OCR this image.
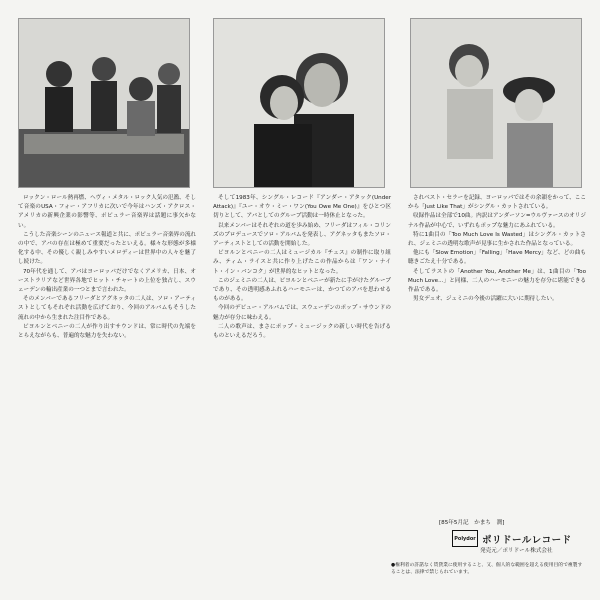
ロックン・ロール熱再燃、ヘヴィ・メタル・ロック人気の氾濫、そして音楽のUSA・フォー・アフリカに次いで今年はハンズ・アクロス・アメリカの新興企業の影響等、ポピュラー音楽界は話題に事欠かない。

こうした音楽シーンのニュース報道と共に、ポピュラー音楽界の流れの中で、アバの存在は極めて重要だったといえる。様々な形態が多様化する中、その優しく親しみやすいメロディーは世界中の人々を魅了し続けた。

70年代を通して、アバはヨーロッパだけでなくアメリカ、日本、オーストラリアなど世界各地でヒット・チャートの上位を独占し、スウェーデンの輸出産業の一つとまで言われた。

そのメンバーであるフリーダとアグネッタの二人は、ソロ・アーティストとしてもそれぞれ活動を広げており、今回のアルバムもそうした流れの中から生まれた注目作である。

ビヨルンとベニーの二人が作り出すサウンドは、常に時代の先端をとらえながらも、普遍的な魅力を失わない。

そして1983年、シングル・レコード『アンダー・アタック(Under Attack)』『ユー・オウ・ミー・ワン(You Owe Me One)』をひとつ区切りとして、アバとしてのグループ活動は一時休止となった。

以来メンバーはそれぞれの道を歩み始め、フリーダはフィル・コリンズのプロデュースでソロ・アルバムを発表し、アグネッタもまたソロ・アーティストとしての活動を開始した。

ビヨルンとベニーの二人はミュージカル『チェス』の制作に取り組み、ティム・ライスと共に作り上げたこの作品からは「ワン・ナイト・イン・バンコク」が世界的なヒットとなった。

このジェミニの二人は、ビヨルンとベニーが新たに手がけたグループであり、その透明感あふれるハーモニーは、かつてのアバを思わせるものがある。

今回のデビュー・アルバムでは、スウェーデンのポップ・サウンドの魅力が存分に味わえる。

二人の歌声は、まさにポップ・ミュージックの新しい時代を告げるものといえるだろう。

されベスト・セラーを記録、ヨーロッパではその余韻をかって、ここから「Just Like That」がシングル・カットされている。

収録作品は全部で10曲。内訳はアンダーソン=ウルヴァースのオリジナル作品が中心で、いずれもポップな魅力にあふれている。

特に1曲目の「Too Much Love Is Wasted」はシングル・カットされ、ジェミニの透明な歌声が見事に生かされた作品となっている。

他にも「Slow Emotion」「Falling」「Have Mercy」など、どの曲も聴きごたえ十分である。

そしてラストの「Another You, Another Me」は、1曲目の「Too Much Love...」と同様、二人のハーモニーの魅力を存分に堪能できる作品である。

男女デュオ、ジェミニの今後の活躍に大いに期待したい。

[85年5月記　かまち　潤]
Polydor ポリドールレコード
発売元／ポリドール株式会社

●権利者の許諾なく賃貸業に使用すること、又、個人的な範囲を超える使用目的で複製することは、法律で禁じられています。
